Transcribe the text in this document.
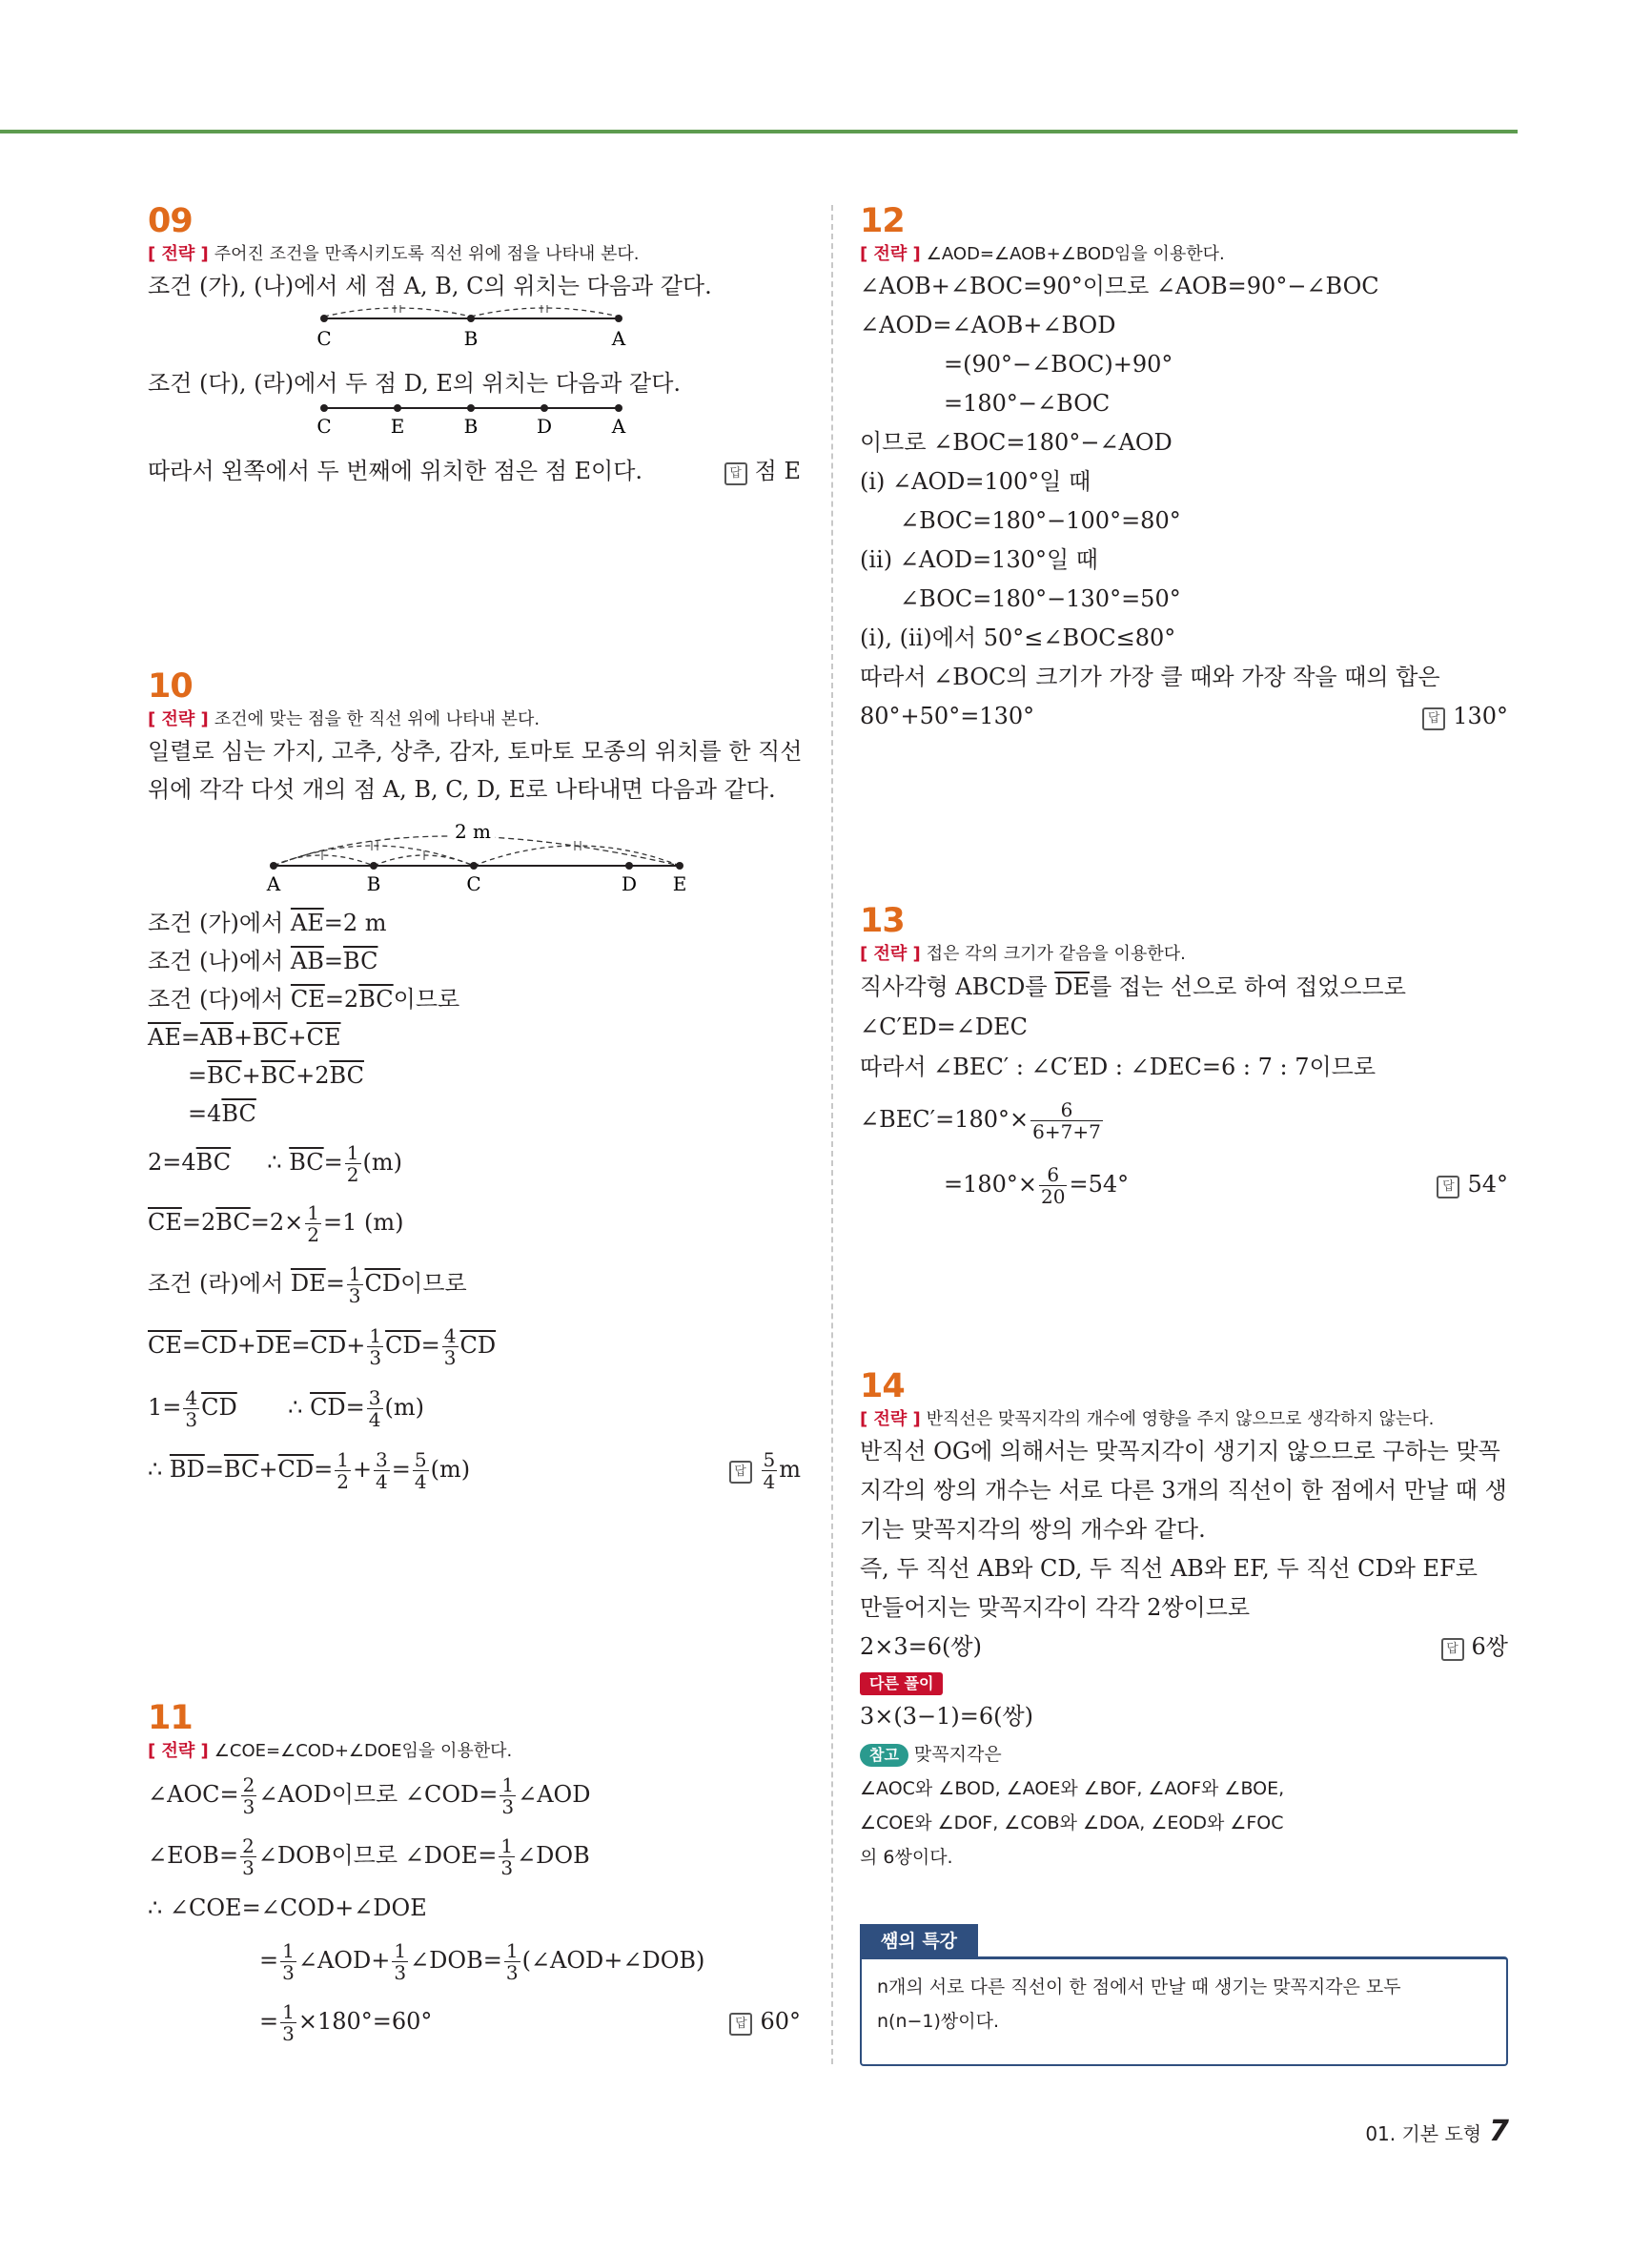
09
[ 전략 ] 주어진 조건을 만족시키도록 직선 위에 점을 나타내 본다.
조건 (가), (나)에서 세 점 A, B, C의 위치는 다음과 같다.
C	B	A
조건 (다), (라)에서 두 점 D, E의 위치는 다음과 같다.
C	E	B	D	A
따라서 왼쪽에서 두 번째에 위치한 점은 점 E이다.	답 점 E
10
[ 전략 ] 조건에 맞는 점을 한 직선 위에 나타내 본다.
일렬로 심는 가지, 고추, 상추, 감자, 토마토 모종의 위치를 한 직선
위에 각각 다섯 개의 점 A, B, C, D, E로 나타내면 다음과 같다.
2 m
A	B	C	D E
조건 (가)에서 $\overline{AE}=2$ m
조건 (나)에서 $\overline{AB}=\overline{BC}$
조건 (다)에서 $\overline{CE}=2\overline{BC}$이므로
$\overline{AE}=\overline{AB}+\overline{BC}+\overline{CE}$
$=\overline{BC}+\overline{BC}+2\overline{BC}$
$=4\overline{BC}$
$2=4\overline{BC}$ ∴ $\overline{BC}= \frac{1}{2} (m)$
$\overline{CE}=2\overline{BC}=2\times \frac{1}{2} =1$ (m)
조건 (라)에서 $\overline{DE}= \frac{1}{3} \overline{CD}$이므로
$\overline{CE}=\overline{CD}+\overline{DE}=\overline{CD}+ \frac{1}{3} \overline{CD}= \frac{4}{3} \overline{CD}$
$1= \frac{4}{3} \overline{CD}$ ∴ $\overline{CD}= \frac{3}{4} (m)$
∴ $\overline{BD}=\overline{BC}+\overline{CD}= \frac{1}{2} + \frac{3}{4} = \frac{5}{4} (m)$	답 $\frac{5}{4}$ m
11
[ 전략 ] ∠COE=∠COD+∠DOE임을 이용한다.
∠AOC= $\frac{2}{3}$ ∠AOD이므로 ∠COD= $\frac{1}{3}$ ∠AOD
∠EOB= $\frac{2}{3}$ ∠DOB이므로 ∠DOE= $\frac{1}{3}$ ∠DOB
∴ ∠COE=∠COD+∠DOE
= $\frac{1}{3}$ ∠AOD+ $\frac{1}{3}$ ∠DOB= $\frac{1}{3}$ (∠AOD+∠DOB)
= $\frac{1}{3} \times 180^\circ=60^\circ$	답 60°
12
[ 전략 ] ∠AOD=∠AOB+∠BOD임을 이용한다.
∠AOB+∠BOC=90°이므로 ∠AOB=90°−∠BOC
∠AOD=∠AOB+∠BOD
=(90°−∠BOC)+90°
=180°−∠BOC
이므로 ∠BOC=180°−∠AOD
(ⅰ) ∠AOD=100°일 때
∠BOC=180°−100°=80°
(ⅱ) ∠AOD=130°일 때
∠BOC=180°−130°=50°
(ⅰ), (ⅱ)에서 50°≤∠BOC≤80°
따라서 ∠BOC의 크기가 가장 클 때와 가장 작을 때의 합은
80°+50°=130°	답 130°
13
[ 전략 ] 접은 각의 크기가 같음을 이용한다.
직사각형 ABCD를 $\overline{DE}$를 접는 선으로 하여 접었으므로
∠C′ED=∠DEC
따라서 ∠BEC′ : ∠C′ED : ∠DEC=6 : 7 : 7이므로
∠BEC′=180°× $\frac{6}{6+7+7}$
$=180^\circ\times \frac{6}{20} =54^\circ$	답 54°
14
[ 전략 ] 반직선은 맞꼭지각의 개수에 영향을 주지 않으므로 생각하지 않는다.
반직선 OG에 의해서는 맞꼭지각이 생기지 않으므로 구하는 맞꼭
지각의 쌍의 개수는 서로 다른 3개의 직선이 한 점에서 만날 때 생
기는 맞꼭지각의 쌍의 개수와 같다.
즉, 두 직선 AB와 CD, 두 직선 AB와 EF, 두 직선 CD와 EF로
만들어지는 맞꼭지각이 각각 2쌍이므로
2×3=6(쌍)	답 6쌍
다른 풀이
3×(3−1)=6(쌍)
참고 맞꼭지각은
∠AOC와 ∠BOD, ∠AOE와 ∠BOF, ∠AOF와 ∠BOE,
∠COE와 ∠DOF, ∠COB와 ∠DOA, ∠EOD와 ∠FOC
의 6쌍이다.
쌤의 특강
n개의 서로 다른 직선이 한 점에서 만날 때 생기는 맞꼭지각은 모두
n(n−1)쌍이다.
01. 기본 도형 7
